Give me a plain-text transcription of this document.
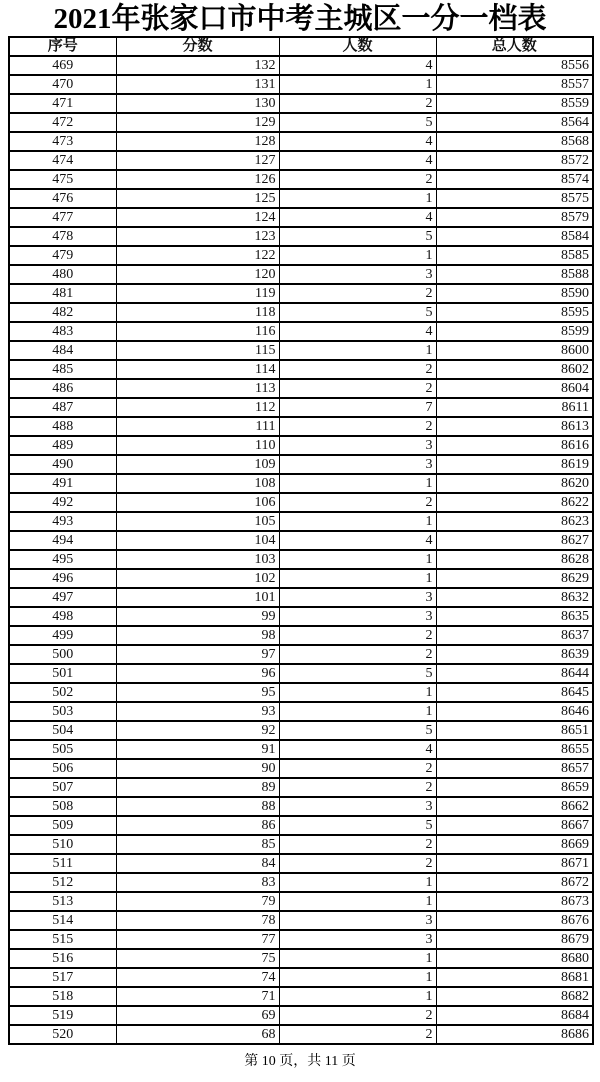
2021年张家口市中考主城区一分一档表
序号	分数	人数	总人数
469	132	4	8556
470	131	1	8557
471	130	2	8559
472	129	5	8564
473	128	4	8568
474	127	4	8572
475	126	2	8574
476	125	1	8575
477	124	4	8579
478	123	5	8584
479	122	1	8585
480	120	3	8588
481	119	2	8590
482	118	5	8595
483	116	4	8599
484	115	1	8600
485	114	2	8602
486	113	2	8604
487	112	7	8611
488	111	2	8613
489	110	3	8616
490	109	3	8619
491	108	1	8620
492	106	2	8622
493	105	1	8623
494	104	4	8627
495	103	1	8628
496	102	1	8629
497	101	3	8632
498	99	3	8635
499	98	2	8637
500	97	2	8639
501	96	5	8644
502	95	1	8645
503	93	1	8646
504	92	5	8651
505	91	4	8655
506	90	2	8657
507	89	2	8659
508	88	3	8662
509	86	5	8667
510	85	2	8669
511	84	2	8671
512	83	1	8672
513	79	1	8673
514	78	3	8676
515	77	3	8679
516	75	1	8680
517	74	1	8681
518	71	1	8682
519	69	2	8684
520	68	2	8686
第 10 页，共 11 页
